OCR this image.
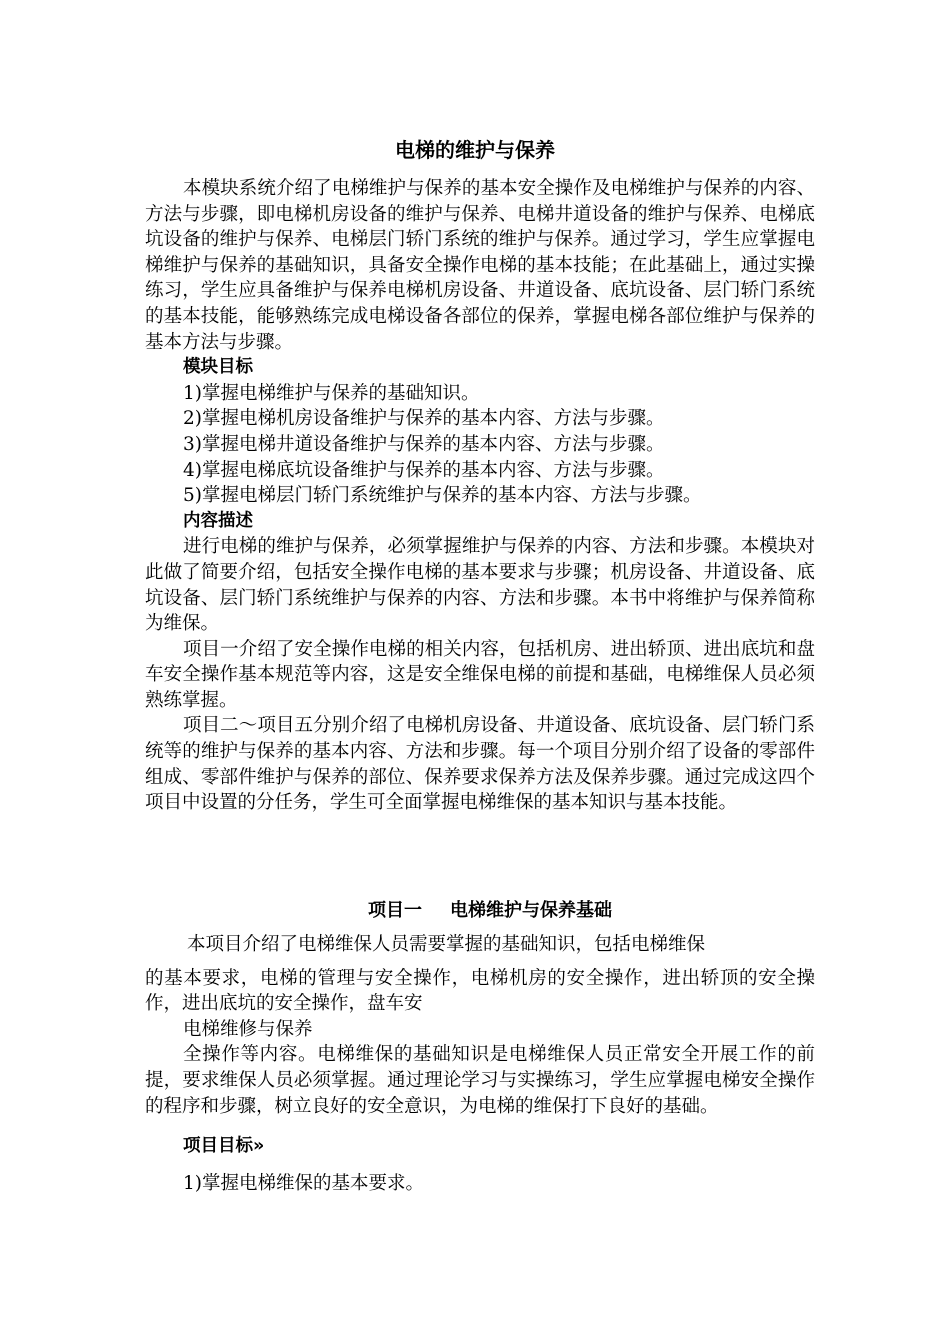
电梯的维护与保养

本模块系统介绍了电梯维护与保养的基本安全操作及电梯维护与保养的内容、方法与步骤，即电梯机房设备的维护与保养、电梯井道设备的维护与保养、电梯底坑设备的维护与保养、电梯层门轿门系统的维护与保养。通过学习，学生应掌握电梯维护与保养的基础知识，具备安全操作电梯的基本技能；在此基础上，通过实操练习，学生应具备维护与保养电梯机房设备、井道设备、底坑设备、层门轿门系统的基本技能，能够熟练完成电梯设备各部位的保养，掌握电梯各部位维护与保养的基本方法与步骤。

模块目标

1)掌握电梯维护与保养的基础知识。

2)掌握电梯机房设备维护与保养的基本内容、方法与步骤。

3)掌握电梯井道设备维护与保养的基本内容、方法与步骤。

4)掌握电梯底坑设备维护与保养的基本内容、方法与步骤。

5)掌握电梯层门轿门系统维护与保养的基本内容、方法与步骤。

内容描述

进行电梯的维护与保养，必须掌握维护与保养的内容、方法和步骤。本模块对此做了简要介绍，包括安全操作电梯的基本要求与步骤；机房设备、井道设备、底坑设备、层门轿门系统维护与保养的内容、方法和步骤。本书中将维护与保养简称为维保。

项目一介绍了安全操作电梯的相关内容，包括机房、进出轿顶、进出底坑和盘车安全操作基本规范等内容，这是安全维保电梯的前提和基础，电梯维保人员必须熟练掌握。

项目二～项目五分别介绍了电梯机房设备、井道设备、底坑设备、层门轿门系统等的维护与保养的基本内容、方法和步骤。每一个项目分别介绍了设备的零部件组成、零部件维护与保养的部位、保养要求保养方法及保养步骤。通过完成这四个项目中设置的分任务，学生可全面掌握电梯维保的基本知识与基本技能。

项目一 电梯维护与保养基础

本项目介绍了电梯维保人员需要掌握的基础知识，包括电梯维保

的基本要求，电梯的管理与安全操作，电梯机房的安全操作，进出轿顶的安全操作，进出底坑的安全操作，盘车安

电梯维修与保养

全操作等内容。电梯维保的基础知识是电梯维保人员正常安全开展工作的前提，要求维保人员必须掌握。通过理论学习与实操练习，学生应掌握电梯安全操作的程序和步骤，树立良好的安全意识，为电梯的维保打下良好的基础。

项目目标»

1)掌握电梯维保的基本要求。
